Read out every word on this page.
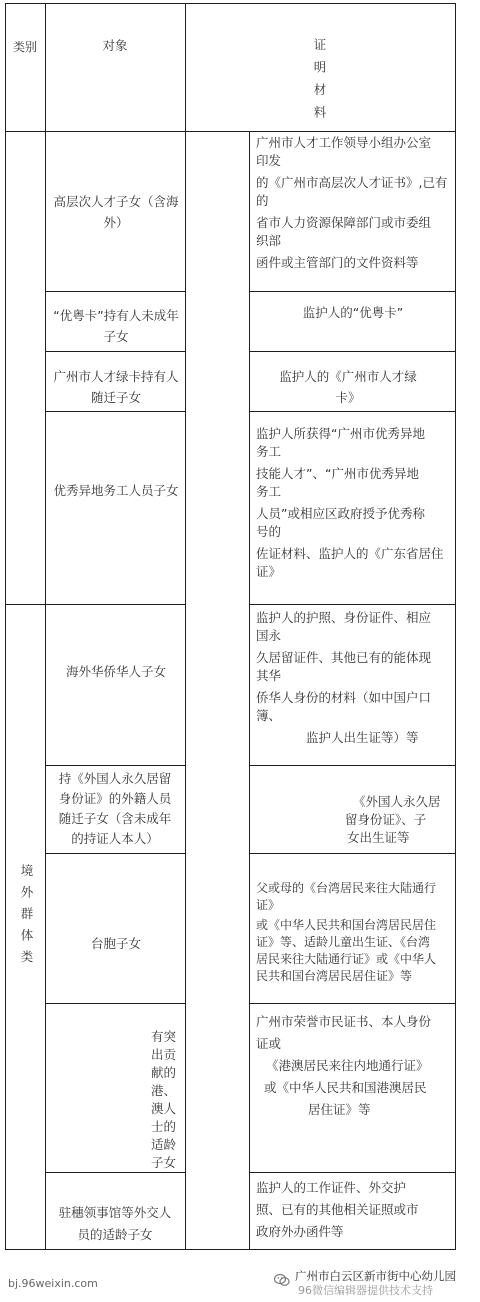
类别	对象	证明材料
境外群体类
高层次人才子女（含海外）
广州市人才工作领导小组办公室
印发
的《广州市高层次人才证书》,已有
的
省市人力资源保障部门或市委组
织部
函件或主管部门的文件资料等
“优粤卡”持有人未成年子女
监护人的“优粤卡”
广州市人才绿卡持有人随迁子女
监护人的《广州市人才绿
卡》
优秀异地务工人员子女
监护人所获得“广州市优秀异地
务工
技能人才”、“广州市优秀异地
务工
人员”或相应区政府授予优秀称
号的
佐证材料、监护人的《广东省居住
证》
海外华侨华人子女
监护人的护照、身份证件、相应
国永
久居留证件、其他已有的能体现
其华
侨华人身份的材料（如中国户口
簿、
监护人出生证等）等
持《外国人永久居留
身份证》的外籍人员
随迁子女（含未成年
的持证人本人）
《外国人永久居
留身份证》、子
女出生证等
台胞子女
父或母的《台湾居民来往大陆通行
证》
或《中华人民共和国台湾居民居住
证》等、适龄儿童出生证、《台湾
居民来往大陆通行证》或《中华人
民共和国台湾居民居住证》等
有突
出贡
献的
港、
澳人
士的
适龄
子女
广州市荣誉市民证书、本人身份
证或
《港澳居民来往内地通行证》
或《中华人民共和国港澳居民
居住证》等
驻穗领事馆等外交人
员的适龄子女
监护人的工作证件、外交护
照、已有的其他相关证照或市
政府外办函件等
bj.96weixin.com
广州市白云区新市街中心幼儿园
96微信编辑器提供技术支持
